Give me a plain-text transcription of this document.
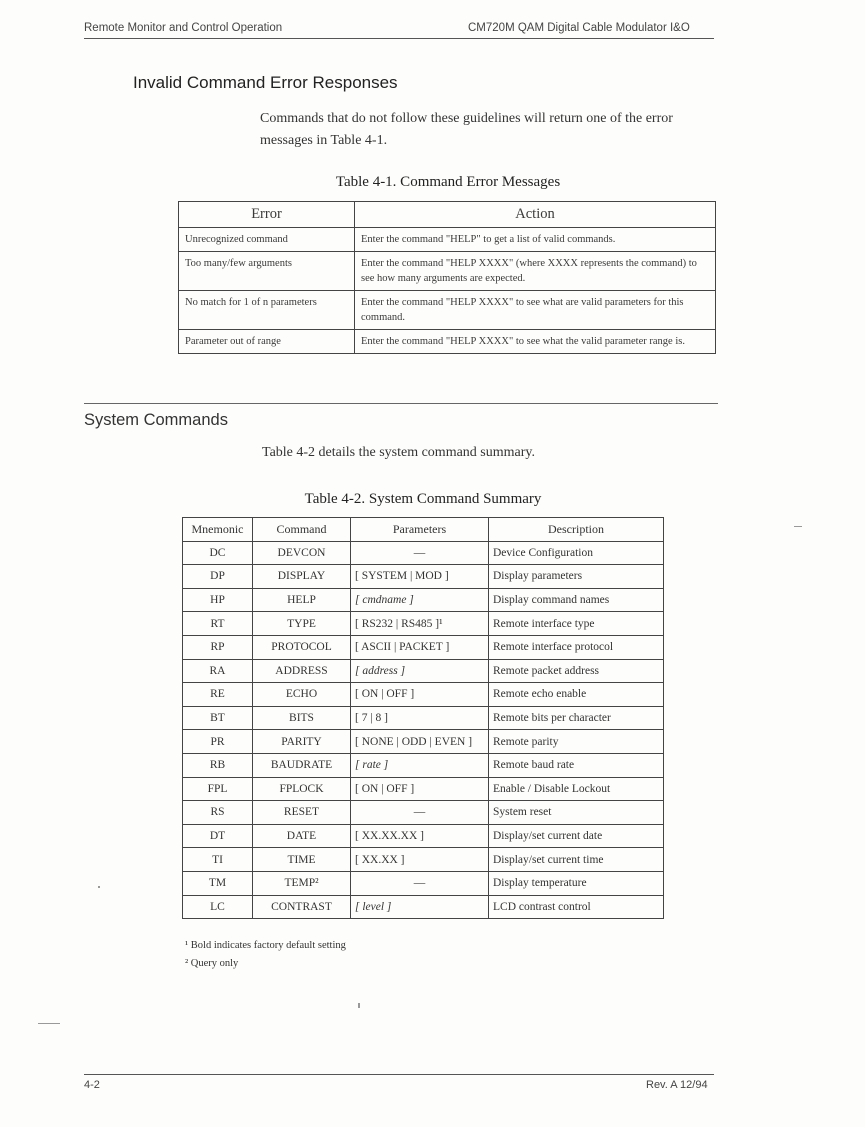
Remote Monitor and Control Operation	CM720M QAM Digital Cable Modulator I&O
Invalid Command Error Responses
Commands that do not follow these guidelines will return one of the error messages in Table 4-1.
Table 4-1. Command Error Messages
Error	Action
Unrecognized command	Enter the command "HELP" to get a list of valid commands.
Too many/few arguments	Enter the command "HELP XXXX" (where XXXX represents the command) to see how many arguments are expected.
No match for 1 of n parameters	Enter the command "HELP XXXX" to see what are valid parameters for this command.
Parameter out of range	Enter the command "HELP XXXX" to see what the valid parameter range is.
System Commands
Table 4-2 details the system command summary.
Table 4-2. System Command Summary
Mnemonic	Command	Parameters	Description
DC	DEVCON	—	Device Configuration
DP	DISPLAY	[ SYSTEM | MOD ]	Display parameters
HP	HELP	[ cmdname ]	Display command names
RT	TYPE	[ RS232 | RS485 ]¹	Remote interface type
RP	PROTOCOL	[ ASCII | PACKET ]	Remote interface protocol
RA	ADDRESS	[ address ]	Remote packet address
RE	ECHO	[ ON | OFF ]	Remote echo enable
BT	BITS	[ 7 | 8 ]	Remote bits per character
PR	PARITY	[ NONE | ODD | EVEN ]	Remote parity
RB	BAUDRATE	[ rate ]	Remote baud rate
FPL	FPLOCK	[ ON | OFF ]	Enable / Disable Lockout
RS	RESET	—	System reset
DT	DATE	[ XX.XX.XX ]	Display/set current date
TI	TIME	[ XX.XX ]	Display/set current time
TM	TEMP²	—	Display temperature
LC	CONTRAST	[ level ]	LCD contrast control
¹ Bold indicates factory default setting
² Query only
4-2	Rev. A 12/94
